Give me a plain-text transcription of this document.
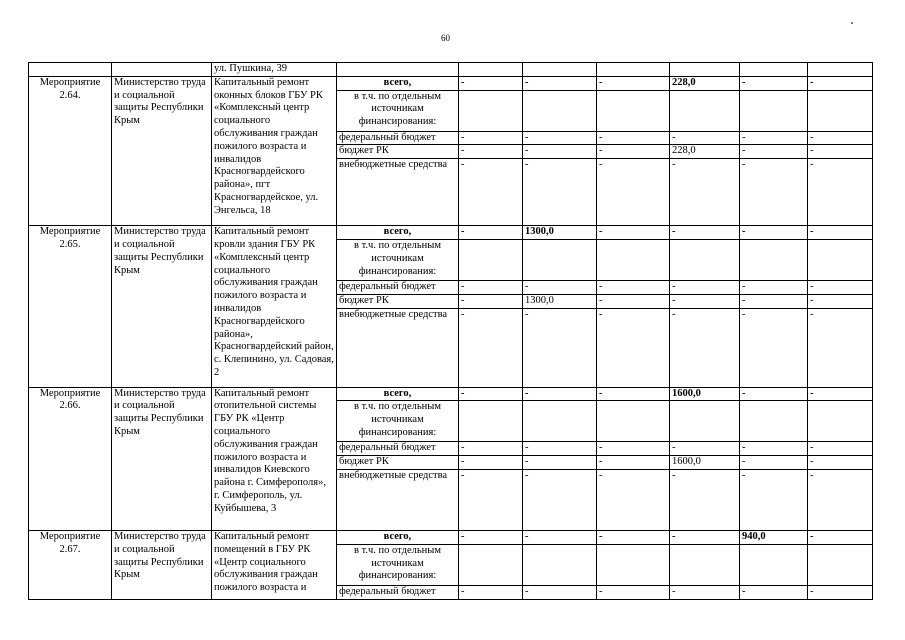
60
		ул. Пушкина, 39							
Мероприятие 2.64.	Министерство труда и социальной защиты Республики Крым	Капитальный ремонт оконных блоков ГБУ РК «Комплексный центр социального обслуживания граждан пожилого возраста и инвалидов Красногвардейского района», пгт Красногвардейское, ул. Энгельса, 18	всего,	-	-	-	228,0	-	-
			в т.ч. по отдельным источникам финансирования:						
			федеральный бюджет	-	-	-	-	-	-
			бюджет РК	-	-	-	228,0	-	-
			внебюджетные средства	-	-	-	-	-	-
Мероприятие 2.65.	Министерство труда и социальной защиты Республики Крым	Капитальный ремонт кровли здания ГБУ РК «Комплексный центр социального обслуживания граждан пожилого возраста и инвалидов Красногвардейского района», Красногвардейский район, с. Клепинино, ул. Садовая, 2	всего,	-	1300,0	-	-	-	-
			в т.ч. по отдельным источникам финансирования:						
			федеральный бюджет	-	-	-	-	-	-
			бюджет РК	-	1300,0	-	-	-	-
			внебюджетные средства	-	-	-	-	-	-
Мероприятие 2.66.	Министерство труда и социальной защиты Республики Крым	Капитальный ремонт отопительной системы ГБУ РК «Центр социального обслуживания граждан пожилого возраста и инвалидов Киевского района г. Симферополя», г. Симферополь, ул. Куйбышева, 3	всего,	-	-	-	1600,0	-	-
			в т.ч. по отдельным источникам финансирования:						
			федеральный бюджет	-	-	-	-	-	-
			бюджет РК	-	-	-	1600,0	-	-
			внебюджетные средства	-	-	-	-	-	-
Мероприятие 2.67.	Министерство труда и социальной защиты Республики Крым	Капитальный ремонт помещений в ГБУ РК «Центр социального обслуживания граждан пожилого возраста и	всего,	-	-	-	-	940,0	-
			в т.ч. по отдельным источникам финансирования:						
			федеральный бюджет	-	-	-	-	-	-
